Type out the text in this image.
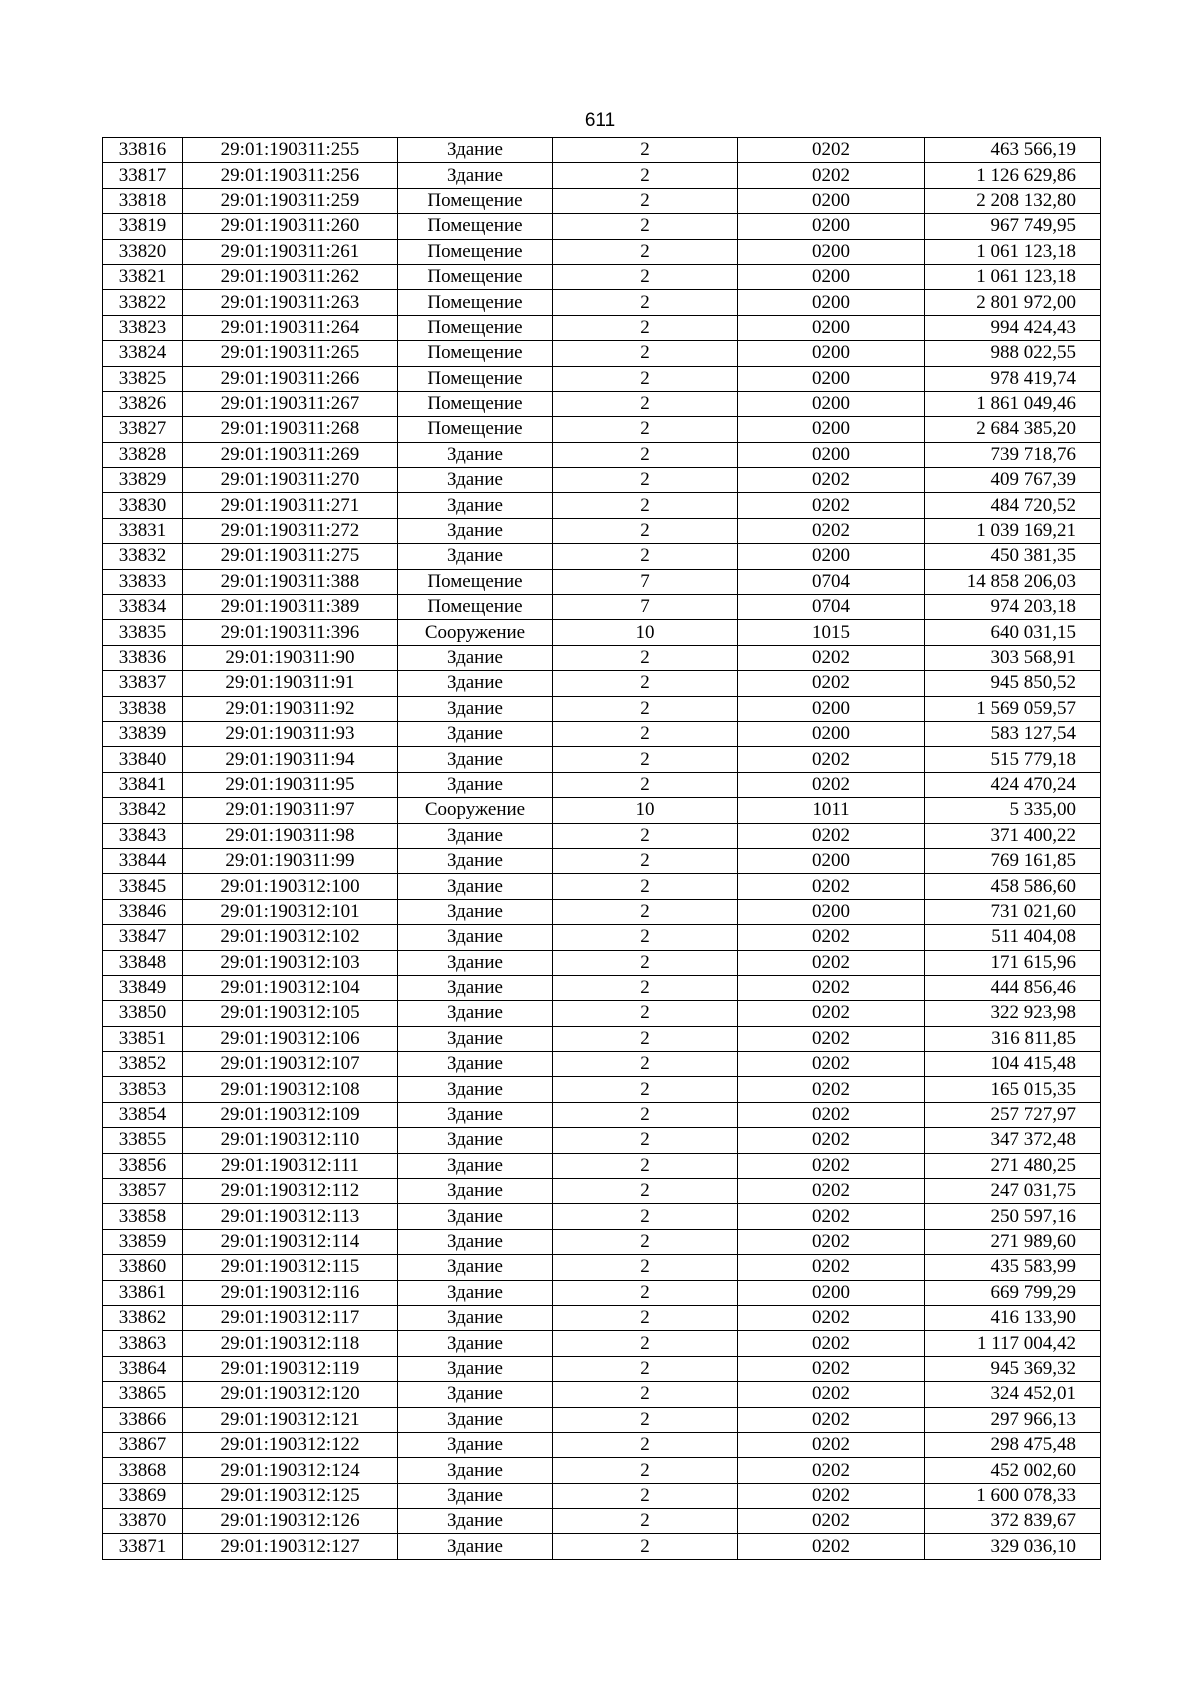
611
33816	29:01:190311:255	Здание	2	0202	463 566,19
33817	29:01:190311:256	Здание	2	0202	1 126 629,86
33818	29:01:190311:259	Помещение	2	0200	2 208 132,80
33819	29:01:190311:260	Помещение	2	0200	967 749,95
33820	29:01:190311:261	Помещение	2	0200	1 061 123,18
33821	29:01:190311:262	Помещение	2	0200	1 061 123,18
33822	29:01:190311:263	Помещение	2	0200	2 801 972,00
33823	29:01:190311:264	Помещение	2	0200	994 424,43
33824	29:01:190311:265	Помещение	2	0200	988 022,55
33825	29:01:190311:266	Помещение	2	0200	978 419,74
33826	29:01:190311:267	Помещение	2	0200	1 861 049,46
33827	29:01:190311:268	Помещение	2	0200	2 684 385,20
33828	29:01:190311:269	Здание	2	0200	739 718,76
33829	29:01:190311:270	Здание	2	0202	409 767,39
33830	29:01:190311:271	Здание	2	0202	484 720,52
33831	29:01:190311:272	Здание	2	0202	1 039 169,21
33832	29:01:190311:275	Здание	2	0200	450 381,35
33833	29:01:190311:388	Помещение	7	0704	14 858 206,03
33834	29:01:190311:389	Помещение	7	0704	974 203,18
33835	29:01:190311:396	Сооружение	10	1015	640 031,15
33836	29:01:190311:90	Здание	2	0202	303 568,91
33837	29:01:190311:91	Здание	2	0202	945 850,52
33838	29:01:190311:92	Здание	2	0200	1 569 059,57
33839	29:01:190311:93	Здание	2	0200	583 127,54
33840	29:01:190311:94	Здание	2	0202	515 779,18
33841	29:01:190311:95	Здание	2	0202	424 470,24
33842	29:01:190311:97	Сооружение	10	1011	5 335,00
33843	29:01:190311:98	Здание	2	0202	371 400,22
33844	29:01:190311:99	Здание	2	0200	769 161,85
33845	29:01:190312:100	Здание	2	0202	458 586,60
33846	29:01:190312:101	Здание	2	0200	731 021,60
33847	29:01:190312:102	Здание	2	0202	511 404,08
33848	29:01:190312:103	Здание	2	0202	171 615,96
33849	29:01:190312:104	Здание	2	0202	444 856,46
33850	29:01:190312:105	Здание	2	0202	322 923,98
33851	29:01:190312:106	Здание	2	0202	316 811,85
33852	29:01:190312:107	Здание	2	0202	104 415,48
33853	29:01:190312:108	Здание	2	0202	165 015,35
33854	29:01:190312:109	Здание	2	0202	257 727,97
33855	29:01:190312:110	Здание	2	0202	347 372,48
33856	29:01:190312:111	Здание	2	0202	271 480,25
33857	29:01:190312:112	Здание	2	0202	247 031,75
33858	29:01:190312:113	Здание	2	0202	250 597,16
33859	29:01:190312:114	Здание	2	0202	271 989,60
33860	29:01:190312:115	Здание	2	0202	435 583,99
33861	29:01:190312:116	Здание	2	0200	669 799,29
33862	29:01:190312:117	Здание	2	0202	416 133,90
33863	29:01:190312:118	Здание	2	0202	1 117 004,42
33864	29:01:190312:119	Здание	2	0202	945 369,32
33865	29:01:190312:120	Здание	2	0202	324 452,01
33866	29:01:190312:121	Здание	2	0202	297 966,13
33867	29:01:190312:122	Здание	2	0202	298 475,48
33868	29:01:190312:124	Здание	2	0202	452 002,60
33869	29:01:190312:125	Здание	2	0202	1 600 078,33
33870	29:01:190312:126	Здание	2	0202	372 839,67
33871	29:01:190312:127	Здание	2	0202	329 036,10
